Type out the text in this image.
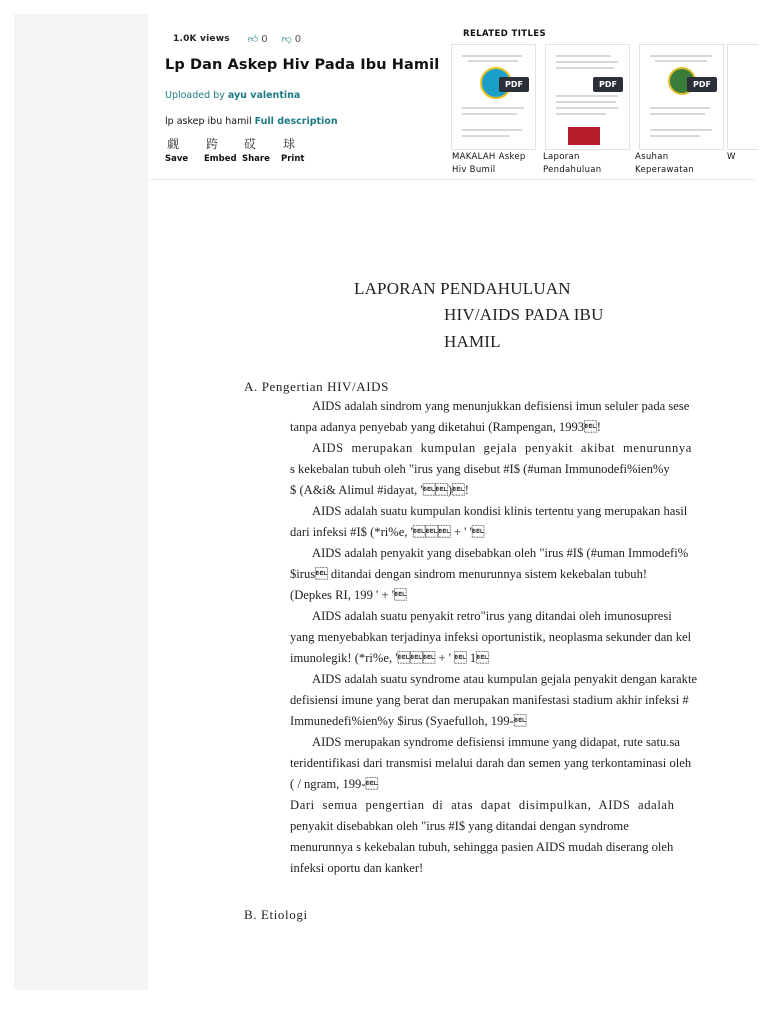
1.0K views 👍︎ 0 👎︎ 0
Lp Dan Askep Hiv Pada Ibu Hamil
Uploaded by ayu valentina
lp askep ibu hamil Full description
觑
Save
跨
Embed
砹
Share
球
Print
RELATED TITLES
PDF	PDF	PDF
MAKALAH Askep
Hiv Bumil
Laporan
Pendahuluan
Asuhan
Keperawatan
W
LAPORAN PENDAHULUAN
HIV/AIDS PADA IBU
HAMIL
A. Pengertian HIV/AIDS
AIDS adalah sindrom yang menunjukkan defisiensi imun seluler pada sese
tanpa adanya penyebab yang diketahui (Rampengan, 1993!
AIDS merupakan kumpulan gejala penyakit akibat menurunnya
s kekebalan tubuh oleh "irus yang disebut #I$ (#uman Immunodefi%ien%y
$ (A&i& Alimul #idayat, ')!
AIDS adalah suatu kumpulan kondisi klinis tertentu yang merupakan hasil
dari infeksi #I$ (*ri%e, ' + ' '
AIDS adalah penyakit yang disebabkan oleh "irus #I$ (#uman Immodefi%
$irus ditandai dengan sindrom menurunnya sistem kekebalan tubuh!
(Depkes RI, 199 ' + '
AIDS adalah suatu penyakit retro"irus yang ditandai oleh imunosupresi
yang menyebabkan terjadinya infeksi oportunistik, neoplasma sekunder dan kel
imunolegik! (*ri%e, ' + '  1
AIDS adalah suatu syndrome atau kumpulan gejala penyakit dengan karakte
defisiensi imune yang berat dan merupakan manifestasi stadium akhir infeksi #
Immunedefi%ien%y $irus (Syaefulloh, 199-
AIDS merupakan syndrome defisiensi immune yang didapat, rute satu.sa
teridentifikasi dari transmisi melalui darah dan semen yang terkontaminasi oleh
( / ngram, 199-
Dari semua pengertian di atas dapat disimpulkan, AIDS adalah
penyakit disebabkan oleh "irus #I$ yang ditandai dengan syndrome
menurunnya s kekebalan tubuh, sehingga pasien AIDS mudah diserang oleh
infeksi oportu dan kanker!
B. Etiologi
